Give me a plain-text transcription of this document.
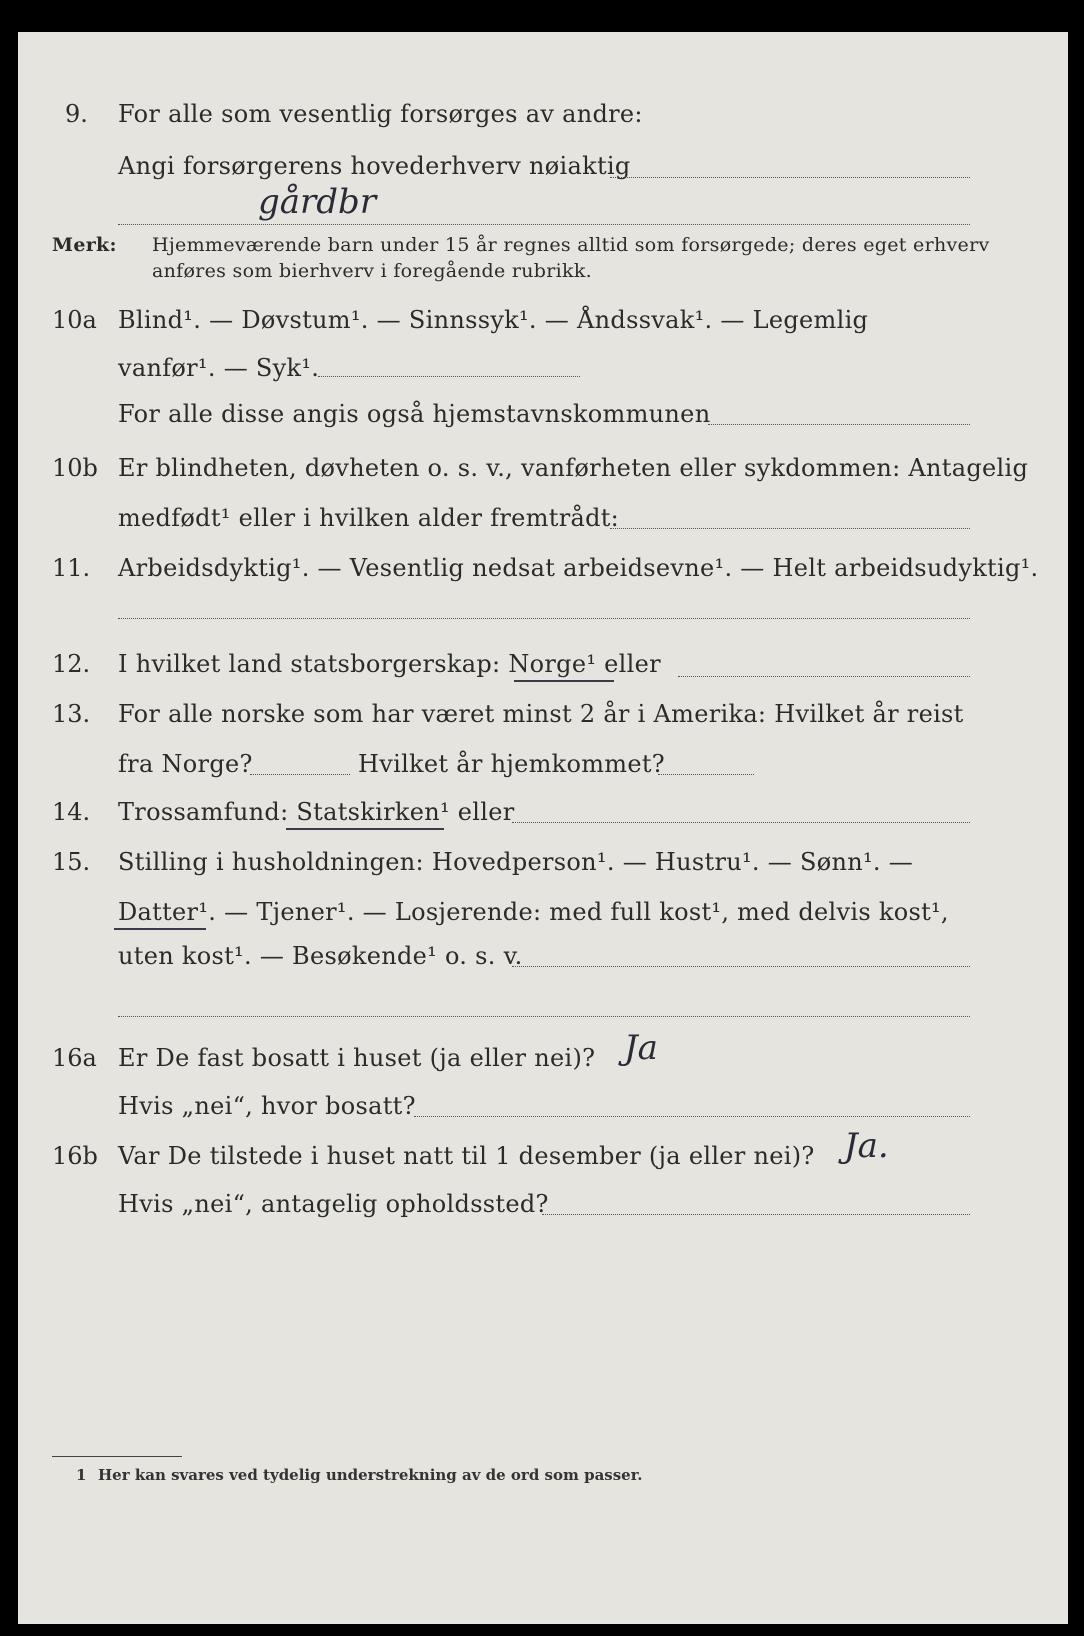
9. For alle som vesentlig forsørges av andre:
Angi forsørgerens hovederhverv nøiaktig
gårdbr
Merk: Hjemmeværende barn under 15 år regnes alltid som forsørgede; deres eget erhverv
anføres som bierhverv i foregående rubrikk.
10a Blind¹. — Døvstum¹. — Sinnssyk¹. — Åndssvak¹. — Legemlig
vanfør¹. — Syk¹.
For alle disse angis også hjemstavnskommunen
10b Er blindheten, døvheten o. s. v., vanførheten eller sykdommen: Antagelig
medfødt¹ eller i hvilken alder fremtrådt:
11. Arbeidsdyktig¹. — Vesentlig nedsat arbeidsevne¹. — Helt arbeidsudyktig¹.
12. I hvilket land statsborgerskap: Norge¹ eller
13. For alle norske som har været minst 2 år i Amerika: Hvilket år reist
fra Norge?	Hvilket år hjemkommet?
14. Trossamfund: Statskirken¹ eller
15. Stilling i husholdningen: Hovedperson¹. — Hustru¹. — Sønn¹. —
Datter¹. — Tjener¹. — Losjerende: med full kost¹, med delvis kost¹,
uten kost¹. — Besøkende¹ o. s. v.
16a Er De fast bosatt i huset (ja eller nei)? Ja
Hvis „nei“, hvor bosatt?
16b Var De tilstede i huset natt til 1 desember (ja eller nei)? Ja.
Hvis „nei“, antagelig opholdssted?
1 Her kan svares ved tydelig understrekning av de ord som passer.
